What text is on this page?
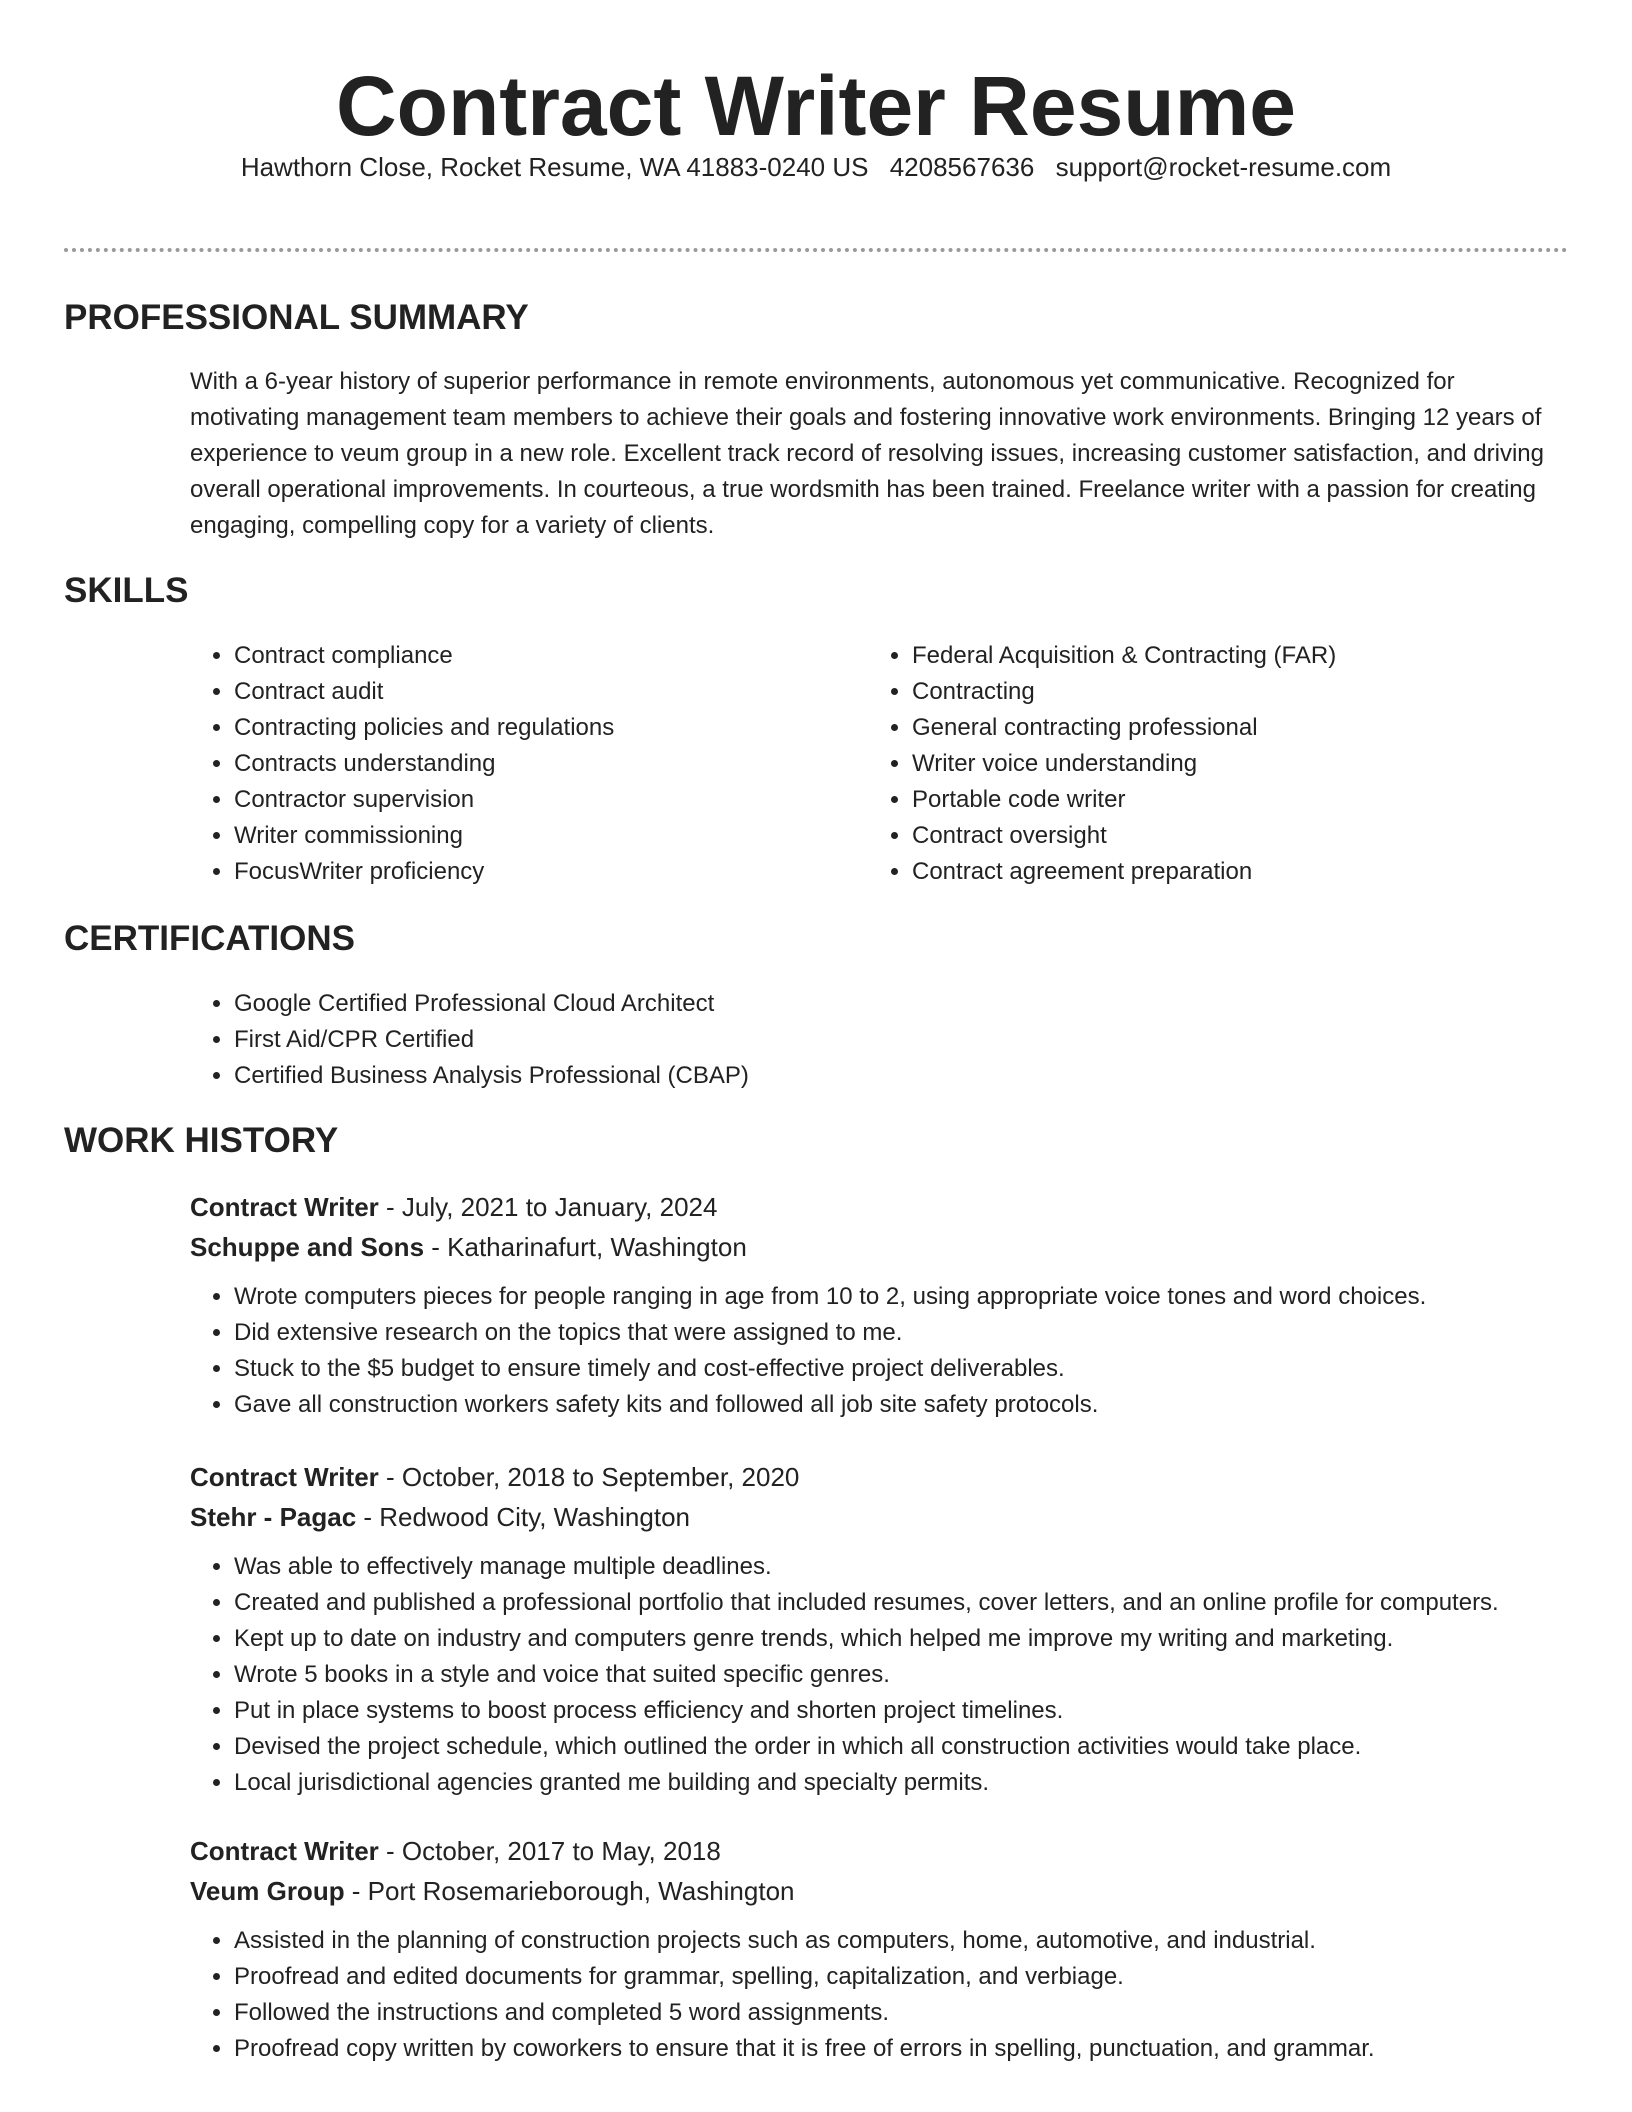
Contract Writer Resume
Hawthorn Close, Rocket Resume, WA 41883-0240 US 4208567636 support@rocket-resume.com
PROFESSIONAL SUMMARY

With a 6-year history of superior performance in remote environments, autonomous yet communicative. Recognized for motivating management team members to achieve their goals and fostering innovative work environments. Bringing 12 years of experience to veum group in a new role. Excellent track record of resolving issues, increasing customer satisfaction, and driving overall operational improvements. In courteous, a true wordsmith has been trained. Freelance writer with a passion for creating engaging, compelling copy for a variety of clients.

SKILLS
• Contract compliance
• Contract audit
• Contracting policies and regulations
• Contracts understanding
• Contractor supervision
• Writer commissioning
• FocusWriter proficiency
• Federal Acquisition & Contracting (FAR)
• Contracting
• General contracting professional
• Writer voice understanding
• Portable code writer
• Contract oversight
• Contract agreement preparation
CERTIFICATIONS
• Google Certified Professional Cloud Architect
• First Aid/CPR Certified
• Certified Business Analysis Professional (CBAP)
WORK HISTORY

Contract Writer - July, 2021 to January, 2024

Schuppe and Sons - Katharinafurt, Washington

• Wrote computers pieces for people ranging in age from 10 to 2, using appropriate voice tones and word choices.
• Did extensive research on the topics that were assigned to me.
• Stuck to the $5 budget to ensure timely and cost-effective project deliverables.
• Gave all construction workers safety kits and followed all job site safety protocols.

Contract Writer - October, 2018 to September, 2020

Stehr - Pagac - Redwood City, Washington

• Was able to effectively manage multiple deadlines.
• Created and published a professional portfolio that included resumes, cover letters, and an online profile for computers.
• Kept up to date on industry and computers genre trends, which helped me improve my writing and marketing.
• Wrote 5 books in a style and voice that suited specific genres.
• Put in place systems to boost process efficiency and shorten project timelines.
• Devised the project schedule, which outlined the order in which all construction activities would take place.
• Local jurisdictional agencies granted me building and specialty permits.

Contract Writer - October, 2017 to May, 2018

Veum Group - Port Rosemarieborough, Washington

• Assisted in the planning of construction projects such as computers, home, automotive, and industrial.
• Proofread and edited documents for grammar, spelling, capitalization, and verbiage.
• Followed the instructions and completed 5 word assignments.
• Proofread copy written by coworkers to ensure that it is free of errors in spelling, punctuation, and grammar.
